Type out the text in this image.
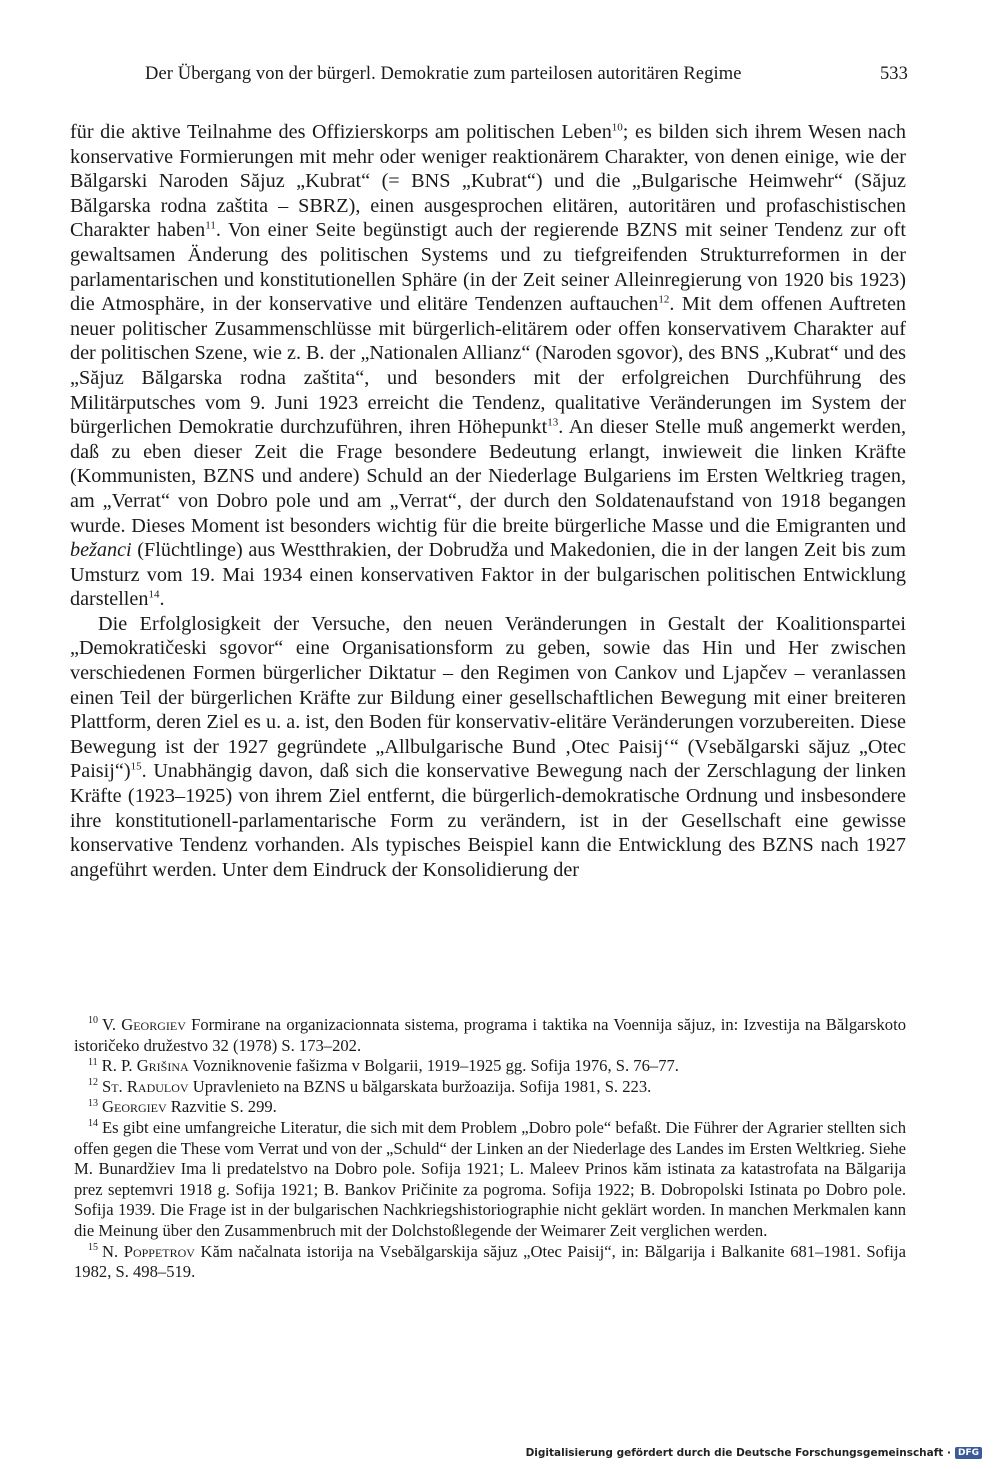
Der Übergang von der bürgerl. Demokratie zum parteilosen autoritären Regime	533

für die aktive Teilnahme des Offizierskorps am politischen Leben$^{10}$; es bilden sich ihrem Wesen nach konservative Formierungen mit mehr oder weniger reaktionärem Charakter, von denen einige, wie der Bălgarski Naroden Săjuz „Kubrat“ (= BNS „Kubrat“) und die „Bulgarische Heimwehr“ (Săjuz Bălgarska rodna zaštita – SBRZ), einen ausgesprochen elitären, autoritären und profaschistischen Charakter haben$^{11}$. Von einer Seite begünstigt auch der regierende BZNS mit seiner Tendenz zur oft gewaltsamen Änderung des politischen Systems und zu tiefgreifenden Strukturreformen in der parlamentarischen und konstitutionellen Sphäre (in der Zeit seiner Alleinregierung von 1920 bis 1923) die Atmosphäre, in der konservative und elitäre Tendenzen auftauchen$^{12}$. Mit dem offenen Auftreten neuer politischer Zusammenschlüsse mit bürgerlich-elitärem oder offen konservativem Charakter auf der politischen Szene, wie z. B. der „Nationalen Allianz“ (Naroden sgovor), des BNS „Kubrat“ und des „Săjuz Bălgarska rodna zaštita“, und besonders mit der erfolgreichen Durchführung des Militärputsches vom 9. Juni 1923 erreicht die Tendenz, qualitative Veränderungen im System der bürgerlichen Demokratie durchzuführen, ihren Höhepunkt$^{13}$. An dieser Stelle muß angemerkt werden, daß zu eben dieser Zeit die Frage besondere Bedeutung erlangt, inwieweit die linken Kräfte (Kommunisten, BZNS und andere) Schuld an der Niederlage Bulgariens im Ersten Weltkrieg tragen, am „Verrat“ von Dobro pole und am „Verrat“, der durch den Soldatenaufstand von 1918 begangen wurde. Dieses Moment ist besonders wichtig für die breite bürgerliche Masse und die Emigranten und bežanci (Flüchtlinge) aus Westthrakien, der Dobrudža und Makedonien, die in der langen Zeit bis zum Umsturz vom 19. Mai 1934 einen konservativen Faktor in der bulgarischen politischen Entwicklung darstellen$^{14}$.

Die Erfolglosigkeit der Versuche, den neuen Veränderungen in Gestalt der Koalitionspartei „Demokratičeski sgovor“ eine Organisationsform zu geben, sowie das Hin und Her zwischen verschiedenen Formen bürgerlicher Diktatur – den Regimen von Cankov und Ljapčev – veranlassen einen Teil der bürgerlichen Kräfte zur Bildung einer gesellschaftlichen Bewegung mit einer breiteren Plattform, deren Ziel es u. a. ist, den Boden für konservativ-elitäre Veränderungen vorzubereiten. Diese Bewegung ist der 1927 gegründete „Allbulgarische Bund ‚Otec Paisij‘“ (Vsebălgarski săjuz „Otec Paisij“)$^{15}$. Unabhängig davon, daß sich die konservative Bewegung nach der Zerschlagung der linken Kräfte (1923–1925) von ihrem Ziel entfernt, die bürgerlich-demokratische Ordnung und insbesondere ihre konstitutionell-parlamentarische Form zu verändern, ist in der Gesellschaft eine gewisse konservative Tendenz vorhanden. Als typisches Beispiel kann die Entwicklung des BZNS nach 1927 angeführt werden. Unter dem Eindruck der Konsolidierung der

$^{10}$ V. Georgiev Formirane na organizacionnata sistema, programa i taktika na Voennija săjuz, in: Izvestija na Bălgarskoto istoričeko družestvo 32 (1978) S. 173–202.

$^{11}$ R. P. Grišina Vozniknovenie fašizma v Bolgarii, 1919–1925 gg. Sofija 1976, S. 76–77.

$^{12}$ St. Radulov Upravlenieto na BZNS u bălgarskata buržoazija. Sofija 1981, S. 223.

$^{13}$ Georgiev Razvitie S. 299.

$^{14}$ Es gibt eine umfangreiche Literatur, die sich mit dem Problem „Dobro pole“ befaßt. Die Führer der Agrarier stellten sich offen gegen die These vom Verrat und von der „Schuld“ der Linken an der Niederlage des Landes im Ersten Weltkrieg. Siehe M. Bunardžiev Ima li predatelstvo na Dobro pole. Sofija 1921; L. Maleev Prinos kăm istinata za katastrofata na Bălgarija prez septemvri 1918 g. Sofija 1921; B. Bankov Pričinite za pogroma. Sofija 1922; B. Dobropolski Istinata po Dobro pole. Sofija 1939. Die Frage ist in der bulgarischen Nachkriegshistoriographie nicht geklärt worden. In manchen Merkmalen kann die Meinung über den Zusammenbruch mit der Dolchstoßlegende der Weimarer Zeit verglichen werden.

$^{15}$ N. Poppetrov Kăm načalnata istorija na Vsebălgarskija săjuz „Otec Paisij“, in: Bălgarija i Balkanite 681–1981. Sofija 1982, S. 498–519.

Digitalisierung gefördert durch die Deutsche Forschungsgemeinschaft · DFG
